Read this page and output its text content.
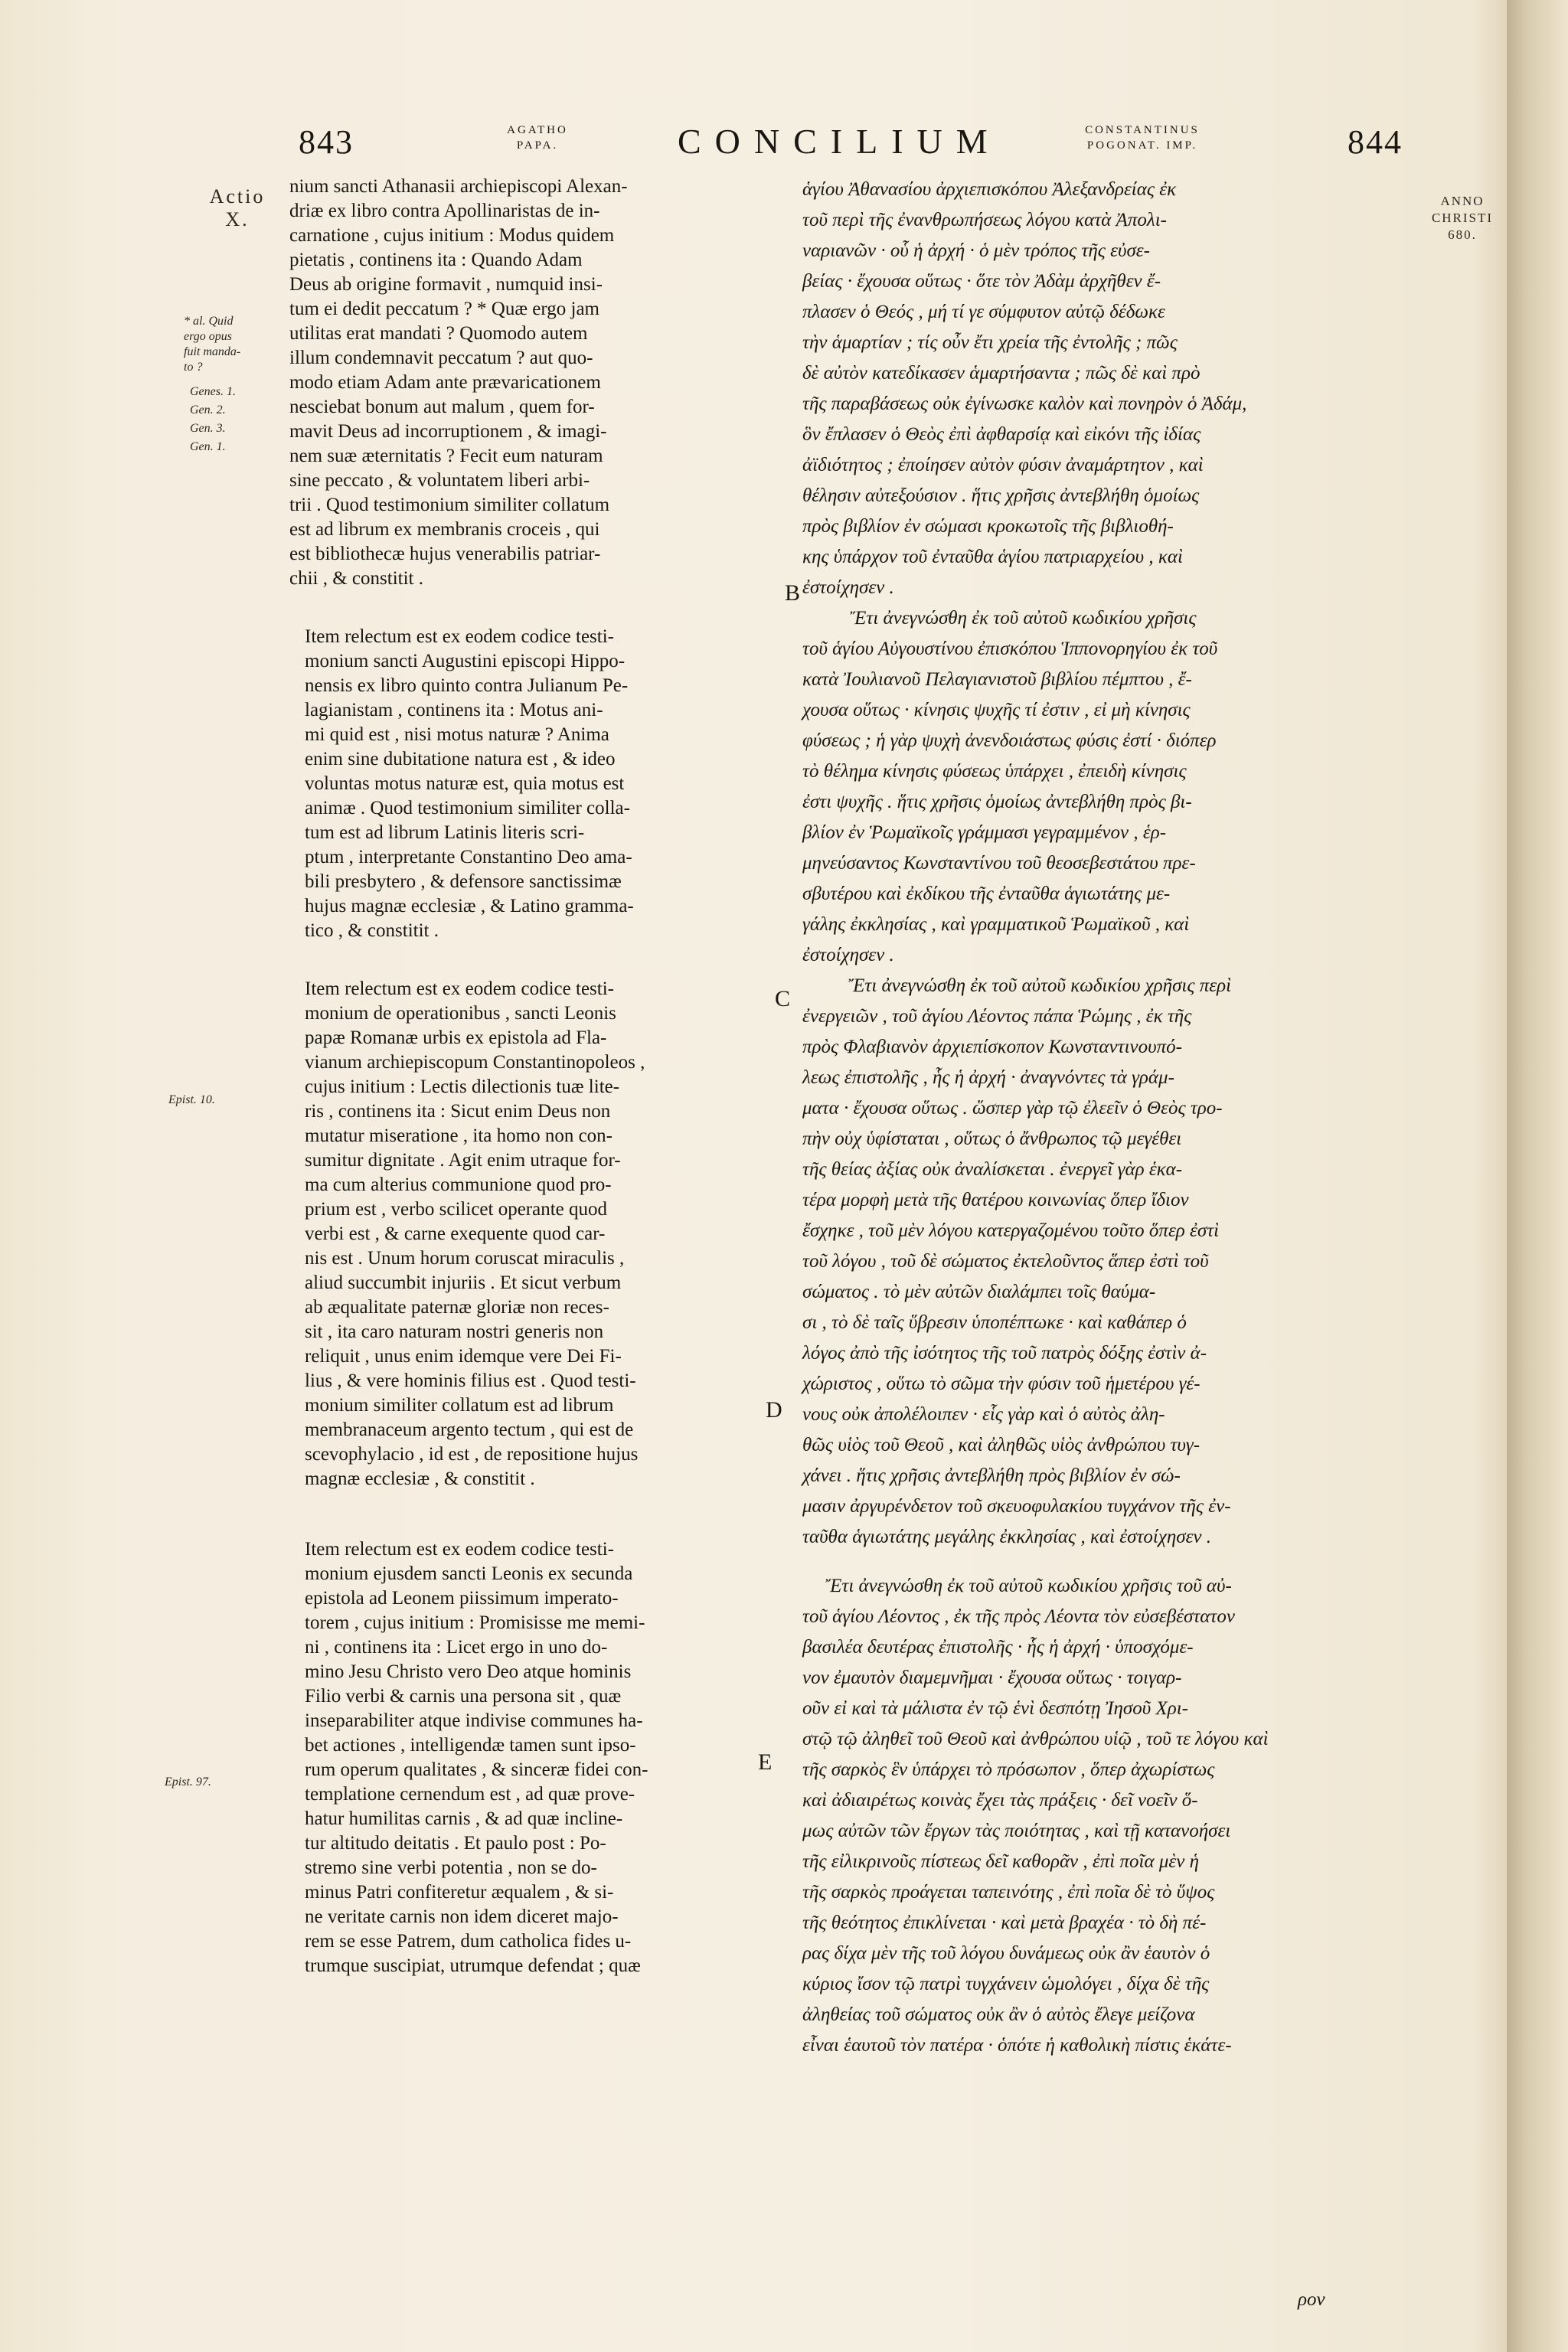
843	AGATHO
PAPA.	CONCILIUM	CONSTANTINUS
POGONAT. IMP.	844
Actio
X.
* al. Quid
ergo opus
fuit manda-
to ?
Genes. 1.
Gen. 2.
Gen. 3.
Gen. 1.
Epist. 10.
Epist. 97.
ANNO
CHRISTI
680.
B
C
D
E
nium sancti Athanasii archiepiscopi Alexan-
driæ ex libro contra Apollinaristas de in-
carnatione , cujus initium : Modus quidem
pietatis , continens ita : Quando Adam
Deus ab origine formavit , numquid insi-
tum ei dedit peccatum ? * Quæ ergo jam
utilitas erat mandati ? Quomodo autem
illum condemnavit peccatum ? aut quo-
modo etiam Adam ante prævaricationem
nesciebat bonum aut malum , quem for-
mavit Deus ad incorruptionem , & imagi-
nem suæ æternitatis ? Fecit eum naturam
sine peccato , & voluntatem liberi arbi-
trii . Quod testimonium similiter collatum
est ad librum ex membranis croceis , qui
est bibliothecæ hujus venerabilis patriar-
chii , & constitit .
Item relectum est ex eodem codice testi-
monium sancti Augustini episcopi Hippo-
nensis ex libro quinto contra Julianum Pe-
lagianistam , continens ita : Motus ani-
mi quid est , nisi motus naturæ ? Anima
enim sine dubitatione natura est , & ideo
voluntas motus naturæ est, quia motus est
animæ . Quod testimonium similiter colla-
tum est ad librum Latinis literis scri-
ptum , interpretante Constantino Deo ama-
bili presbytero , & defensore sanctissimæ
hujus magnæ ecclesiæ , & Latino gramma-
tico , & constitit .
Item relectum est ex eodem codice testi-
monium de operationibus , sancti Leonis
papæ Romanæ urbis ex epistola ad Fla-
vianum archiepiscopum Constantinopoleos ,
cujus initium : Lectis dilectionis tuæ lite-
ris , continens ita : Sicut enim Deus non
mutatur miseratione , ita homo non con-
sumitur dignitate . Agit enim utraque for-
ma cum alterius communione quod pro-
prium est , verbo scilicet operante quod
verbi est , & carne exequente quod car-
nis est . Unum horum coruscat miraculis ,
aliud succumbit injuriis . Et sicut verbum
ab æqualitate paternæ gloriæ non reces-
sit , ita caro naturam nostri generis non
reliquit , unus enim idemque vere Dei Fi-
lius , & vere hominis filius est . Quod testi-
monium similiter collatum est ad librum
membranaceum argento tectum , qui est de
scevophylacio , id est , de repositione hujus
magnæ ecclesiæ , & constitit .
Item relectum est ex eodem codice testi-
monium ejusdem sancti Leonis ex secunda
epistola ad Leonem piissimum imperato-
torem , cujus initium : Promisisse me memi-
ni , continens ita : Licet ergo in uno do-
mino Jesu Christo vero Deo atque hominis
Filio verbi & carnis una persona sit , quæ
inseparabiliter atque indivise communes ha-
bet actiones , intelligendæ tamen sunt ipso-
rum operum qualitates , & sinceræ fidei con-
templatione cernendum est , ad quæ prove-
hatur humilitas carnis , & ad quæ incline-
tur altitudo deitatis . Et paulo post : Po-
stremo sine verbi potentia , non se do-
minus Patri confiteretur æqualem , & si-
ne veritate carnis non idem diceret majo-
rem se esse Patrem, dum catholica fides u-
trumque suscipiat, utrumque defendat ; quæ
ἁγίου Ἀθανασίου ἀρχιεπισκόπου Ἀλεξανδρείας ἐκ
τοῦ περὶ τῆς ἐνανθρωπήσεως λόγου κατὰ Ἀπολι-
ναριανῶν · οὗ ἡ ἀρχή · ὁ μὲν τρόπος τῆς εὐσε-
βείας · ἔχουσα οὕτως · ὅτε τὸν Ἀδὰμ ἀρχῆθεν ἔ-
πλασεν ὁ Θεός , μή τί γε σύμφυτον αὐτῷ δέδωκε
τὴν ἁμαρτίαν ; τίς οὖν ἔτι χρεία τῆς ἐντολῆς ; πῶς
δὲ αὐτὸν κατεδίκασεν ἁμαρτήσαντα ; πῶς δὲ καὶ πρὸ
τῆς παραβάσεως οὐκ ἐγίνωσκε καλὸν καὶ πονηρὸν ὁ Ἀδάμ,
ὃν ἔπλασεν ὁ Θεὸς ἐπὶ ἀφθαρσίᾳ καὶ εἰκόνι τῆς ἰδίας
ἀϊδιότητος ; ἐποίησεν αὐτὸν φύσιν ἀναμάρτητον , καὶ
θέλησιν αὐτεξούσιον . ἥτις χρῆσις ἀντεβλήθη ὁμοίως
πρὸς βιβλίον ἐν σώμασι κροκωτοῖς τῆς βιβλιοθή-
κης ὑπάρχον τοῦ ἐνταῦθα ἁγίου πατριαρχείου , καὶ
ἐστοίχησεν .
Ἔτι ἀνεγνώσθη ἐκ τοῦ αὐτοῦ κωδικίου χρῆσις
τοῦ ἁγίου Αὐγουστίνου ἐπισκόπου Ἱππονορηγίου ἐκ τοῦ
κατὰ Ἰουλιανοῦ Πελαγιανιστοῦ βιβλίου πέμπτου , ἔ-
χουσα οὕτως · κίνησις ψυχῆς τί ἐστιν , εἰ μὴ κίνησις
φύσεως ; ἡ γὰρ ψυχὴ ἀνενδοιάστως φύσις ἐστί · διόπερ
τὸ θέλημα κίνησις φύσεως ὑπάρχει , ἐπειδὴ κίνησις
ἐστι ψυχῆς . ἥτις χρῆσις ὁμοίως ἀντεβλήθη πρὸς βι-
βλίον ἐν Ῥωμαϊκοῖς γράμμασι γεγραμμένον , ἑρ-
μηνεύσαντος Κωνσταντίνου τοῦ θεοσεβεστάτου πρε-
σβυτέρου καὶ ἐκδίκου τῆς ἐνταῦθα ἁγιωτάτης με-
γάλης ἐκκλησίας , καὶ γραμματικοῦ Ῥωμαϊκοῦ , καὶ
ἐστοίχησεν .
Ἔτι ἀνεγνώσθη ἐκ τοῦ αὐτοῦ κωδικίου χρῆσις περὶ
ἐνεργειῶν , τοῦ ἁγίου Λέοντος πάπα Ῥώμης , ἐκ τῆς
πρὸς Φλαβιανὸν ἀρχιεπίσκοπον Κωνσταντινουπό-
λεως ἐπιστολῆς , ἧς ἡ ἀρχή · ἀναγνόντες τὰ γράμ-
ματα · ἔχουσα οὕτως . ὥσπερ γὰρ τῷ ἐλεεῖν ὁ Θεὸς τρο-
πὴν οὐχ ὑφίσταται , οὕτως ὁ ἄνθρωπος τῷ μεγέθει
τῆς θείας ἀξίας οὐκ ἀναλίσκεται . ἐνεργεῖ γὰρ ἑκα-
τέρα μορφὴ μετὰ τῆς θατέρου κοινωνίας ὅπερ ἴδιον
ἔσχηκε , τοῦ μὲν λόγου κατεργαζομένου τοῦτο ὅπερ ἐστὶ
τοῦ λόγου , τοῦ δὲ σώματος ἐκτελοῦντος ἅπερ ἐστὶ τοῦ
σώματος . τὸ μὲν αὐτῶν διαλάμπει τοῖς θαύμα-
σι , τὸ δὲ ταῖς ὕβρεσιν ὑποπέπτωκε · καὶ καθάπερ ὁ
λόγος ἀπὸ τῆς ἰσότητος τῆς τοῦ πατρὸς δόξης ἐστὶν ἀ-
χώριστος , οὕτω τὸ σῶμα τὴν φύσιν τοῦ ἡμετέρου γέ-
νους οὐκ ἀπολέλοιπεν · εἷς γὰρ καὶ ὁ αὐτὸς ἀλη-
θῶς υἱὸς τοῦ Θεοῦ , καὶ ἀληθῶς υἱὸς ἀνθρώπου τυγ-
χάνει . ἥτις χρῆσις ἀντεβλήθη πρὸς βιβλίον ἐν σώ-
μασιν ἀργυρένδετον τοῦ σκευοφυλακίου τυγχάνον τῆς ἐν-
ταῦθα ἁγιωτάτης μεγάλης ἐκκλησίας , καὶ ἐστοίχησεν .
Ἔτι ἀνεγνώσθη ἐκ τοῦ αὐτοῦ κωδικίου χρῆσις τοῦ αὐ-
τοῦ ἁγίου Λέοντος , ἐκ τῆς πρὸς Λέοντα τὸν εὐσεβέστατον
βασιλέα δευτέρας ἐπιστολῆς · ἧς ἡ ἀρχή · ὑποσχόμε-
νον ἐμαυτὸν διαμεμνῆμαι · ἔχουσα οὕτως · τοιγαρ-
οῦν εἰ καὶ τὰ μάλιστα ἐν τῷ ἑνὶ δεσπότῃ Ἰησοῦ Χρι-
στῷ τῷ ἀληθεῖ τοῦ Θεοῦ καὶ ἀνθρώπου υἱῷ , τοῦ τε λόγου καὶ
τῆς σαρκὸς ἓν ὑπάρχει τὸ πρόσωπον , ὅπερ ἀχωρίστως
καὶ ἀδιαιρέτως κοινὰς ἔχει τὰς πράξεις · δεῖ νοεῖν ὅ-
μως αὐτῶν τῶν ἔργων τὰς ποιότητας , καὶ τῇ κατανοήσει
τῆς εἰλικρινοῦς πίστεως δεῖ καθορᾶν , ἐπὶ ποῖα μὲν ἡ
τῆς σαρκὸς προάγεται ταπεινότης , ἐπὶ ποῖα δὲ τὸ ὕψος
τῆς θεότητος ἐπικλίνεται · καὶ μετὰ βραχέα · τὸ δὴ πέ-
ρας δίχα μὲν τῆς τοῦ λόγου δυνάμεως οὐκ ἂν ἑαυτὸν ὁ
κύριος ἴσον τῷ πατρὶ τυγχάνειν ὡμολόγει , δίχα δὲ τῆς
ἀληθείας τοῦ σώματος οὐκ ἂν ὁ αὐτὸς ἔλεγε μείζονα
εἶναι ἑαυτοῦ τὸν πατέρα · ὁπότε ἡ καθολικὴ πίστις ἑκάτε-
ρον
